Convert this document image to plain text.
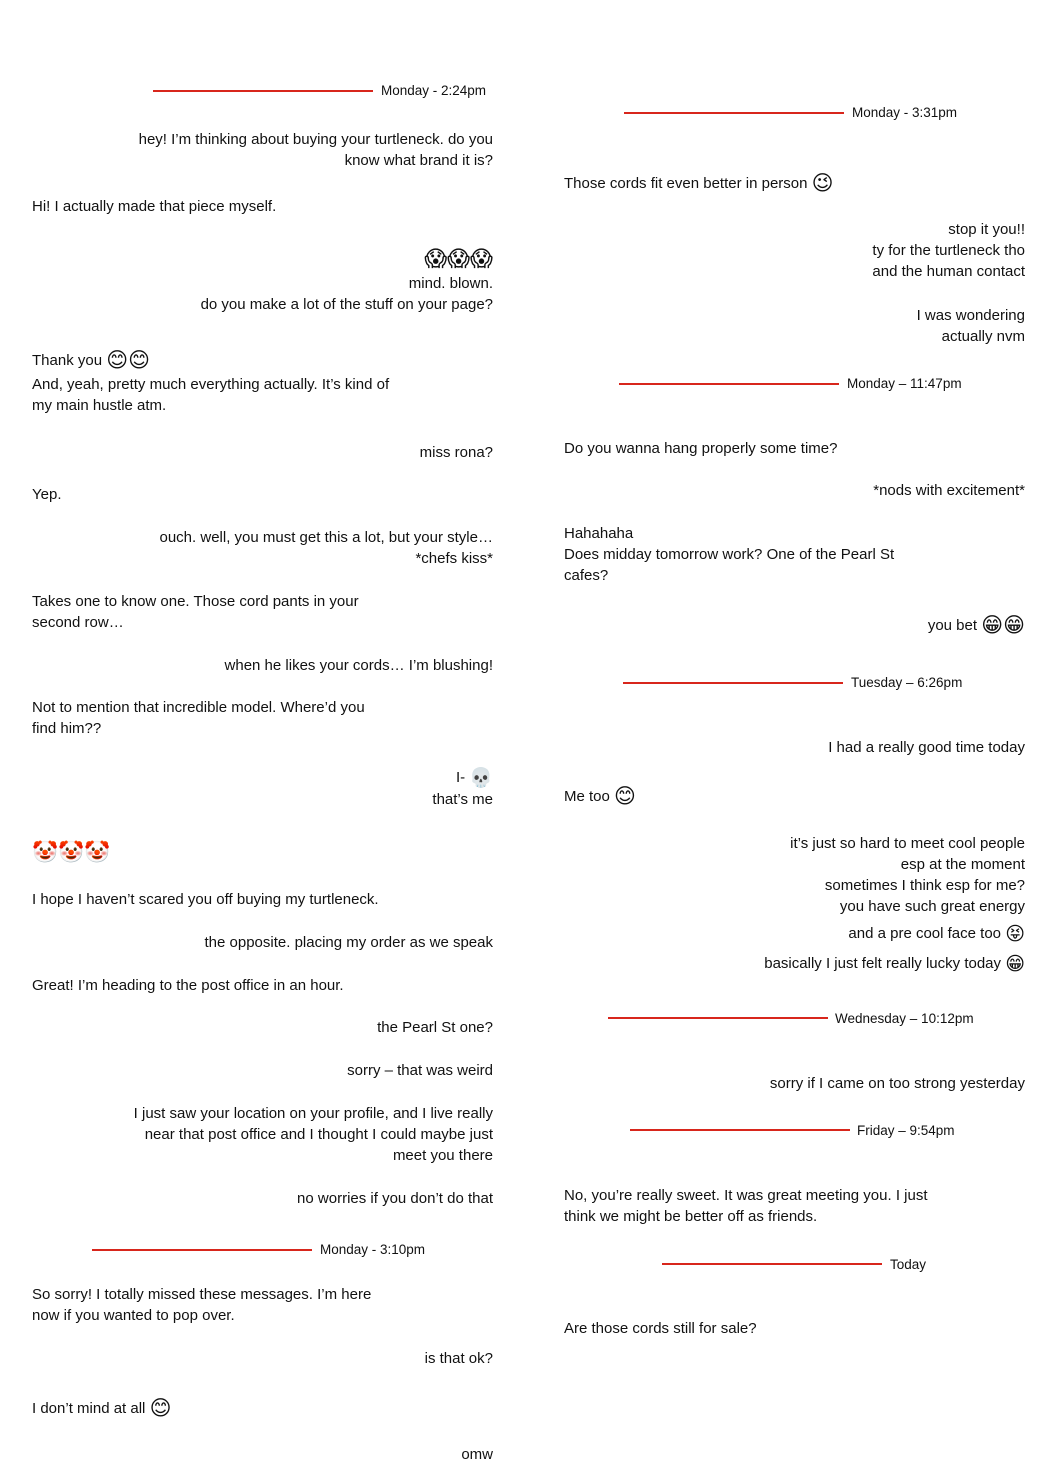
Monday - 2:24pm
hey! I’m thinking about buying your turtleneck. do you
know what brand it is?
Hi! I actually made that piece myself.
😱😱😱
mind. blown.
do you make a lot of the stuff on your page?
Thank you 😊😊
And, yeah, pretty much everything actually. It’s kind of
my main hustle atm.
miss rona?
Yep.
ouch. well, you must get this a lot, but your style…
*chefs kiss*
Takes one to know one. Those cord pants in your
second row…
when he likes your cords… I’m blushing!
Not to mention that incredible model. Where’d you
find him??
I- 💀
that’s me
🤡🤡🤡
I hope I haven’t scared you off buying my turtleneck.
the opposite. placing my order as we speak
Great! I’m heading to the post office in an hour.
the Pearl St one?
sorry – that was weird
I just saw your location on your profile, and I live really
near that post office and I thought I could maybe just
meet you there
no worries if you don’t do that
Monday - 3:10pm
So sorry! I totally missed these messages. I’m here
now if you wanted to pop over.
is that ok?
I don’t mind at all 😊
omw
Monday - 3:31pm
Those cords fit even better in person 😉
stop it you!!
ty for the turtleneck tho
and the human contact
I was wondering
actually nvm
Monday – 11:47pm
Do you wanna hang properly some time?
*nods with excitement*
Hahahaha
Does midday tomorrow work? One of the Pearl St
cafes?
you bet 😁😁
Tuesday – 6:26pm
I had a really good time today
Me too 😊
it’s just so hard to meet cool people
esp at the moment
sometimes I think esp for me?
you have such great energy
and a pre cool face too 😝
basically I just felt really lucky today 😁
Wednesday – 10:12pm
sorry if I came on too strong yesterday
Friday – 9:54pm
No, you’re really sweet. It was great meeting you. I just
think we might be better off as friends.
Today
Are those cords still for sale?
